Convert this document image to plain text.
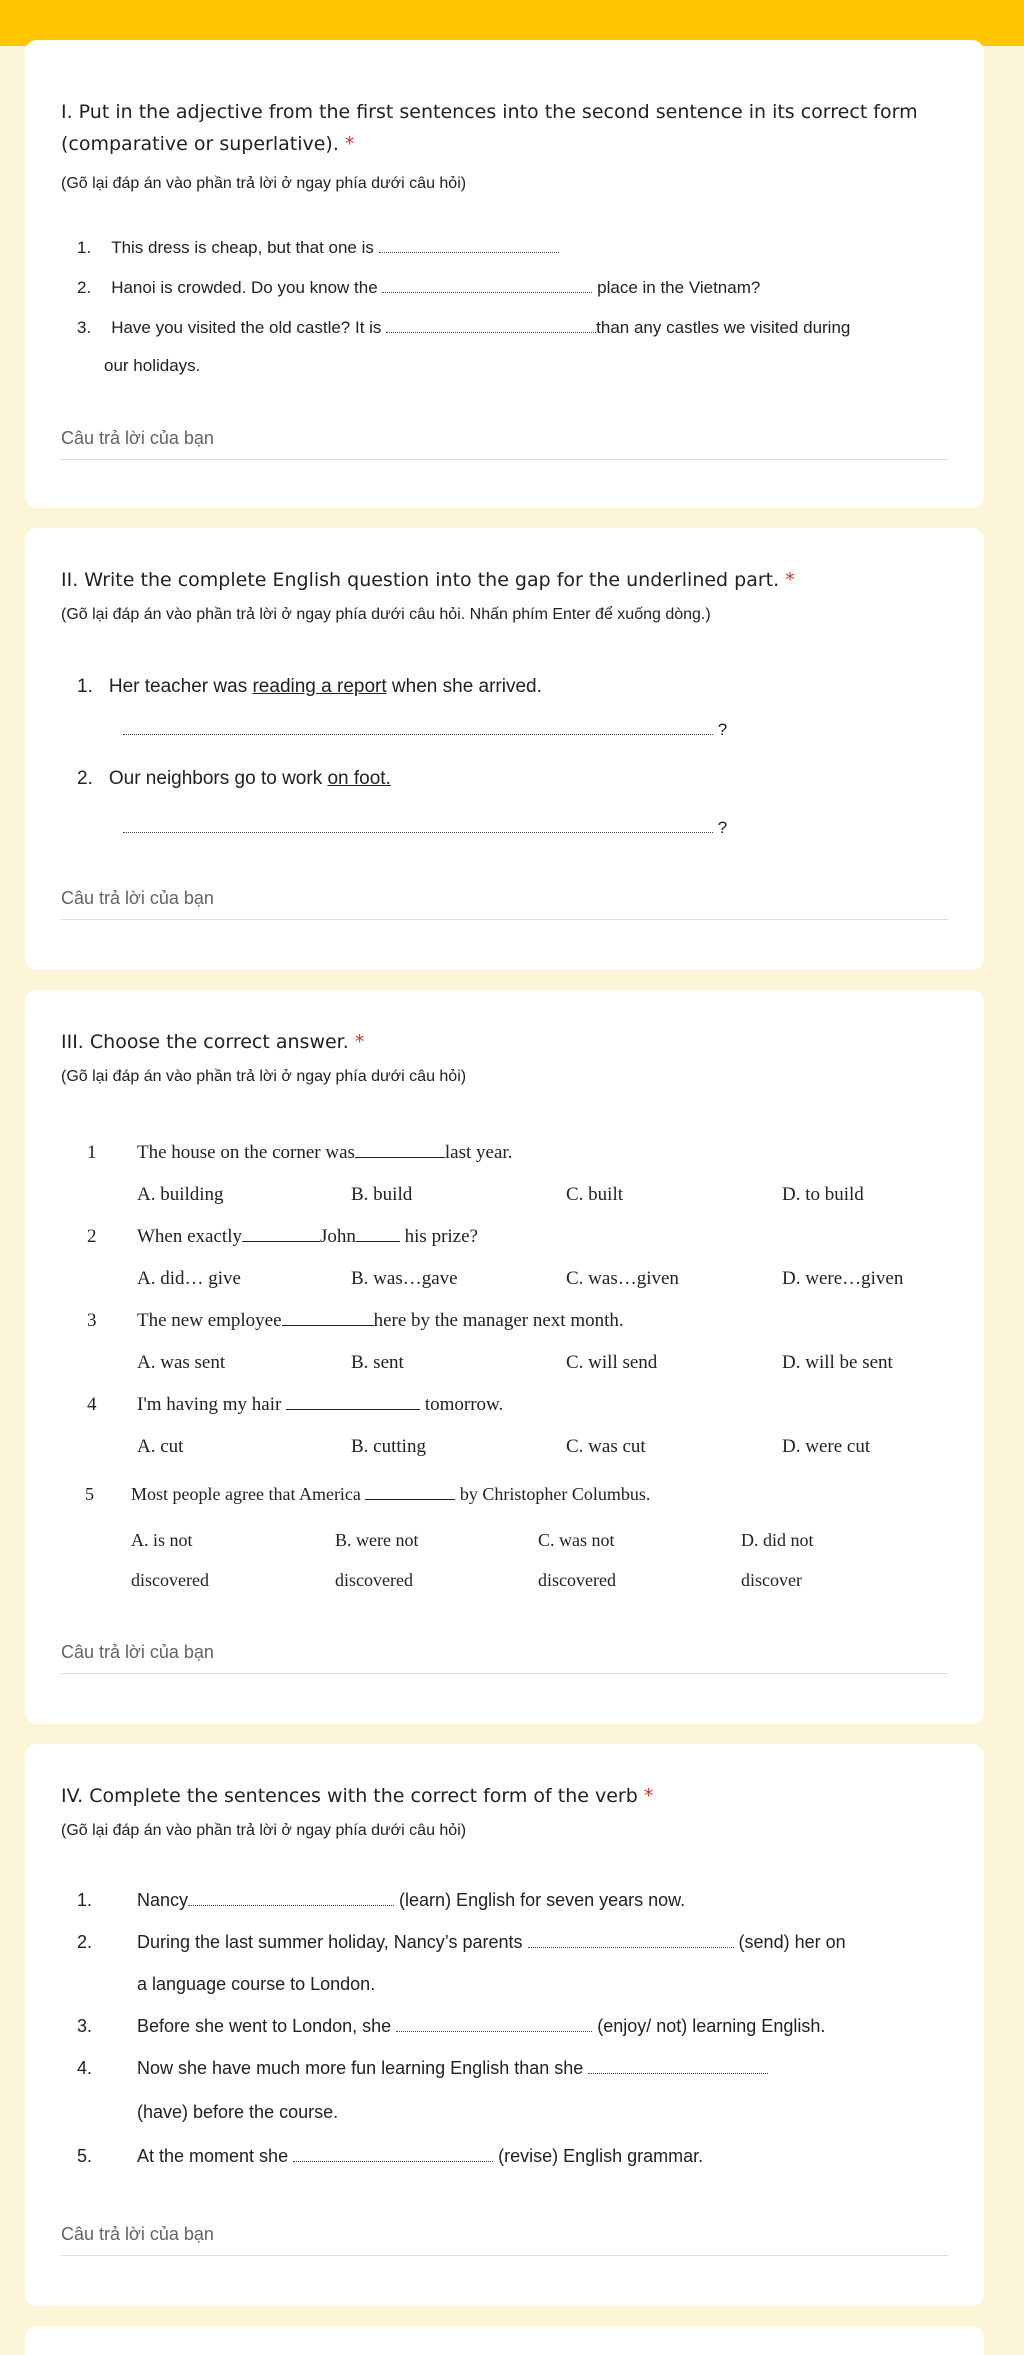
I. Put in the adjective from the first sentences into the second sentence in its correct form (comparative or superlative). *
(Gõ lại đáp án vào phần trả lời ở ngay phía dưới câu hỏi)
1. This dress is cheap, but that one is
2. Hanoi is crowded. Do you know the	place in the Vietnam?
3. Have you visited the old castle? It is	than any castles we visited during
our holidays.
Câu trả lời của bạn
II. Write the complete English question into the gap for the underlined part. *
(Gõ lại đáp án vào phần trả lời ở ngay phía dưới câu hỏi. Nhấn phím Enter để xuống dòng.)
1. Her teacher was reading a report when she arrived.
?
2. Our neighbors go to work on foot.
?
Câu trả lời của bạn
III. Choose the correct answer. *
(Gõ lại đáp án vào phần trả lời ở ngay phía dưới câu hỏi)
1 The house on the corner was	last year.
A. building	B. build	C. built	D. to build
2 When exactly	John	his prize?
A. did… give	B. was…gave	C. was…given	D. were…given
3 The new employee	here by the manager next month.
A. was sent	B. sent	C. will send	D. will be sent
4 I'm having my hair	tomorrow.
A. cut	B. cutting	C. was cut	D. were cut
5 Most people agree that America	by Christopher Columbus.
A. is not	B. were not	C. was not	D. did not
discovered	discovered	discovered	discover
Câu trả lời của bạn
IV. Complete the sentences with the correct form of the verb *
(Gõ lại đáp án vào phần trả lời ở ngay phía dưới câu hỏi)
1. Nancy	(learn) English for seven years now.
2. During the last summer holiday, Nancy’s parents	(send) her on
a language course to London.
3. Before she went to London, she	(enjoy/ not) learning English.
4. Now she have much more fun learning English than she
(have) before the course.
5. At the moment she	(revise) English grammar.
Câu trả lời của bạn
